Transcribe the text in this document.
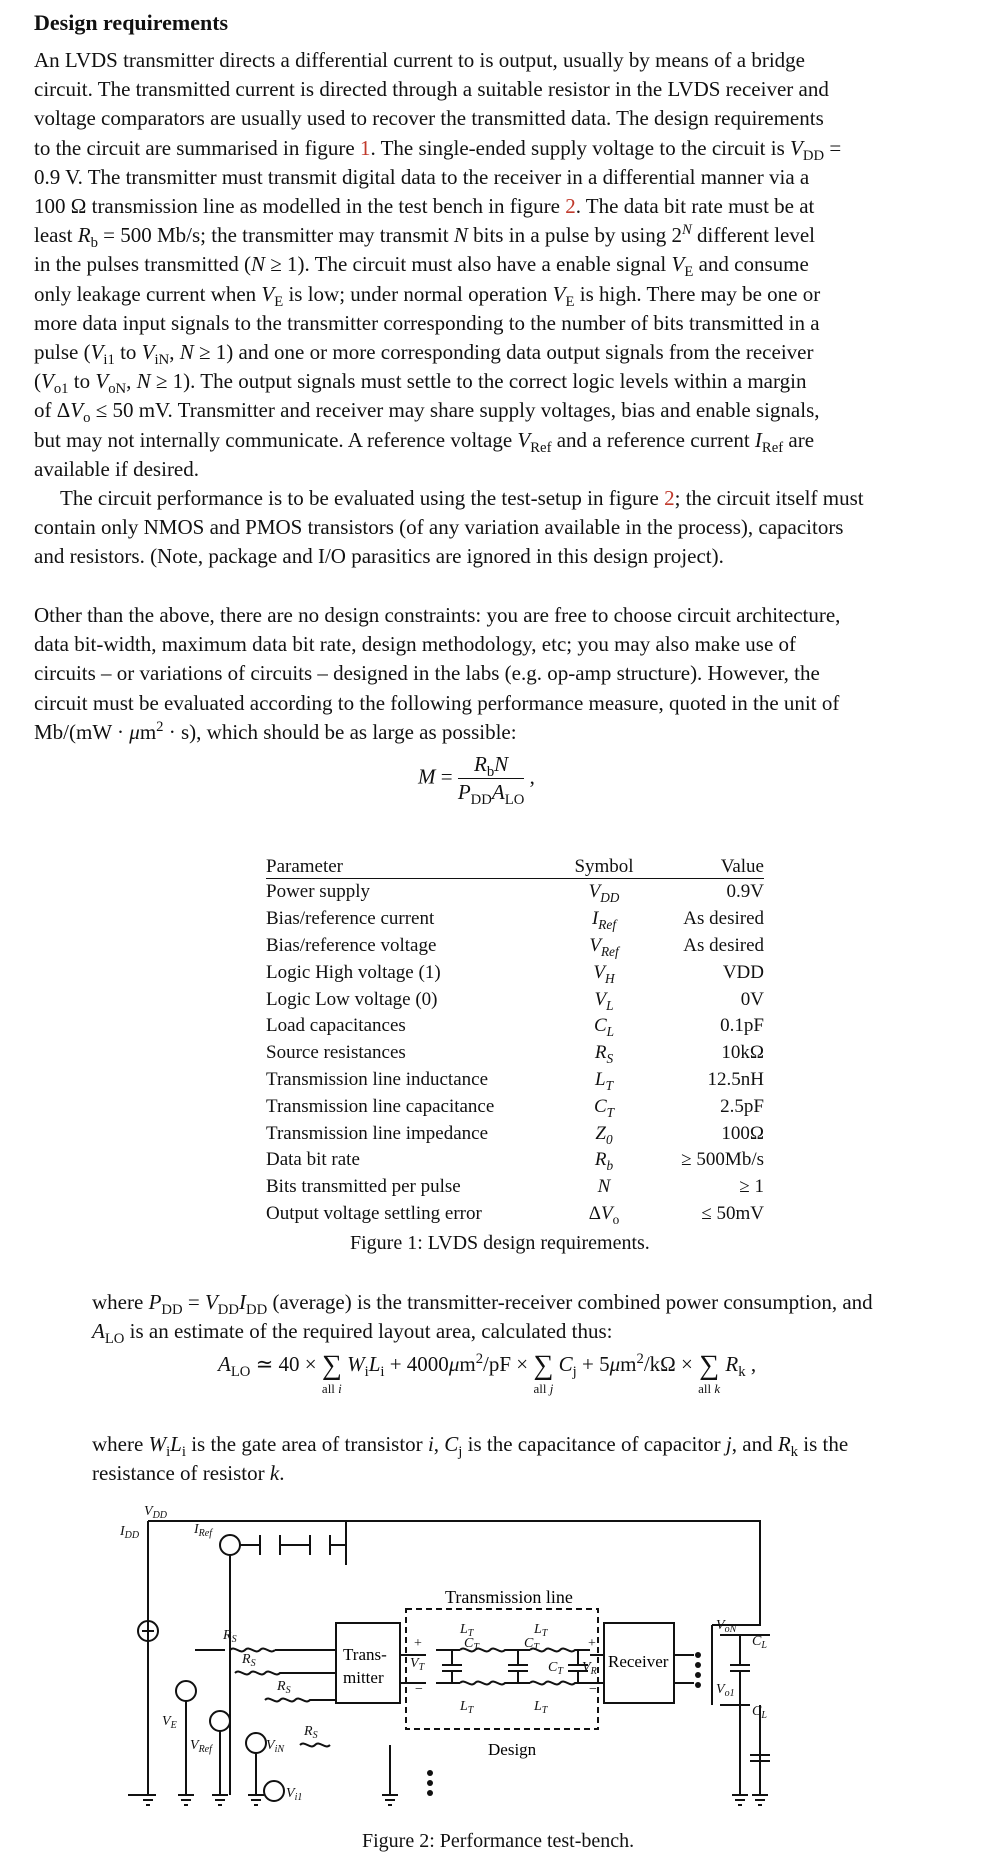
Design requirements

An LVDS transmitter directs a differential current to is output, usually by means of a bridge
circuit. The transmitted current is directed through a suitable resistor in the LVDS receiver and
voltage comparators are usually used to recover the transmitted data. The design requirements
to the circuit are summarised in figure 1. The single-ended supply voltage to the circuit is $V_{DD}$ =
0.9 V. The transmitter must transmit digital data to the receiver in a differential manner via a
100 Ω transmission line as modelled in the test bench in figure 2. The data bit rate must be at
least $R_b = 500$ Mb/s; the transmitter may transmit N bits in a pulse by using $2^N$ different level
in the pulses transmitted (N ≥ 1). The circuit must also have a enable signal $V_E$ and consume
only leakage current when $V_E$ is low; under normal operation $V_E$ is high. There may be one or
more data input signals to the transmitter corresponding to the number of bits transmitted in a
pulse ($V_{i1}$ to $V_{iN}$, N ≥ 1) and one or more corresponding data output signals from the receiver
($V_{o1}$ to $V_{oN}$, N ≥ 1). The output signals must settle to the correct logic levels within a margin
of $\Delta V_o \le 50$ mV. Transmitter and receiver may share supply voltages, bias and enable signals,
but may not internally communicate. A reference voltage $V_{Ref}$ and a reference current $I_{Ref}$ are
available if desired.
The circuit performance is to be evaluated using the test-setup in figure 2; the circuit itself must
contain only NMOS and PMOS transistors (of any variation available in the process), capacitors
and resistors. (Note, package and I/O parasitics are ignored in this design project).

Other than the above, there are no design constraints: you are free to choose circuit architecture,
data bit-width, maximum data bit rate, design methodology, etc; you may also make use of
circuits – or variations of circuits – designed in the labs (e.g. op-amp structure). However, the
circuit must be evaluated according to the following performance measure, quoted in the unit of
$Mb/(mW \cdot \mu m^2 \cdot s)$, which should be as large as possible:

$M = \frac{R_bN}{P_{DD}A_{LO}}$ ,
Parameter	Symbol	Value
Power supply	$V_{DD}$	0.9V
Bias/reference current	$I_{Ref}$	As desired
Bias/reference voltage	$V_{Ref}$	As desired
Logic High voltage (1)	$V_H$	VDD
Logic Low voltage (0)	$V_L$	0V
Load capacitances	$C_L$	0.1pF
Source resistances	$R_S$	10kΩ
Transmission line inductance	$L_T$	12.5nH
Transmission line capacitance	$C_T$	2.5pF
Transmission line impedance	$Z_0$	100Ω
Data bit rate	$R_b$	≥ 500Mb/s
Bits transmitted per pulse	N	≥ 1
Output voltage settling error	$\Delta V_o$	≤ 50mV
Figure 1: LVDS design requirements.

where $P_{DD} = V_{DD}I_{DD}$ (average) is the transmitter-receiver combined power consumption, and
$A_{LO}$ is an estimate of the required layout area, calculated thus:

$A_{LO}$ ≃ 40 × ∑
all i
$W_iL_i + 4000\mu m^2/pF$ × ∑
all j
$C_j + 5\mu m^2/k\Omega$ × ∑
all k
$R_k$ ,

where $W_iL_i$ is the gate area of transistor i, $C_j$ is the capacitance of capacitor j, and $R_k$ is the
resistance of resistor k.

Transmission line
Trans-
mitter
Receiver
Design
$V_{DD}$
$I_{DD}$	$I_{Ref}$
$R_S$
$R_S$
$R_S$
$R_S$
$V_E$
$V_{Ref}$	$V_{iN}$
$V_{i1}$
$V_T$
$L_T$	$L_T$
$L_T$	$L_T$
$C_T$	$C_T$
$C_T$ $V_R$
$V_{oN}$
$C_L$
$V_{o1}$
$C_L$
+
−
+
−
Figure 2: Performance test-bench.
